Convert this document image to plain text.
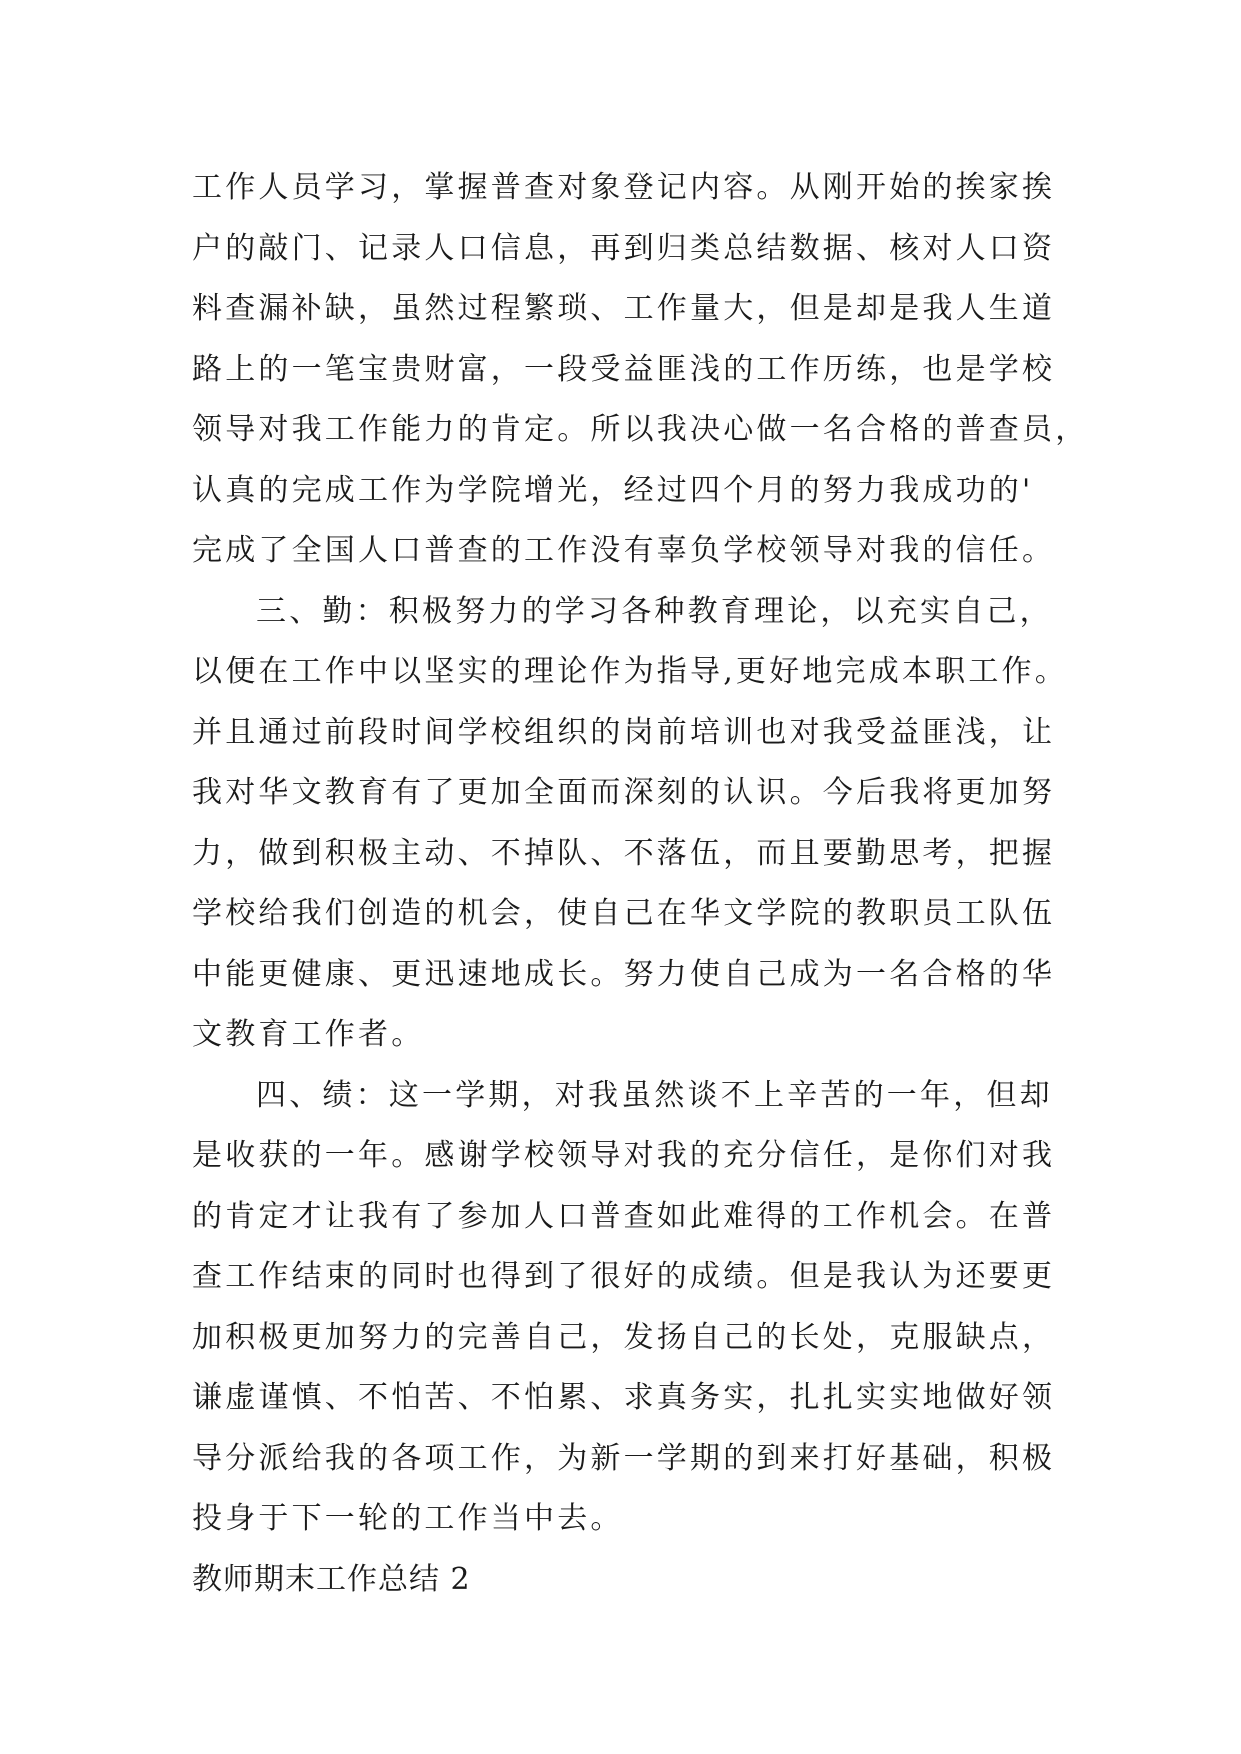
工作人员学习，掌握普查对象登记内容。从刚开始的挨家挨
户的敲门、记录人口信息，再到归类总结数据、核对人口资
料查漏补缺，虽然过程繁琐、工作量大，但是却是我人生道
路上的一笔宝贵财富，一段受益匪浅的工作历练，也是学校
领导对我工作能力的肯定。所以我决心做一名合格的普查员，
认真的完成工作为学院增光，经过四个月的努力我成功的'
完成了全国人口普查的工作没有辜负学校领导对我的信任。
三、勤：积极努力的学习各种教育理论，以充实自己，
以便在工作中以坚实的理论作为指导,更好地完成本职工作。
并且通过前段时间学校组织的岗前培训也对我受益匪浅，让
我对华文教育有了更加全面而深刻的认识。今后我将更加努
力，做到积极主动、不掉队、不落伍，而且要勤思考，把握
学校给我们创造的机会，使自己在华文学院的教职员工队伍
中能更健康、更迅速地成长。努力使自己成为一名合格的华
文教育工作者。
四、绩：这一学期，对我虽然谈不上辛苦的一年，但却
是收获的一年。感谢学校领导对我的充分信任，是你们对我
的肯定才让我有了参加人口普查如此难得的工作机会。在普
查工作结束的同时也得到了很好的成绩。但是我认为还要更
加积极更加努力的完善自己，发扬自己的长处，克服缺点，
谦虚谨慎、不怕苦、不怕累、求真务实，扎扎实实地做好领
导分派给我的各项工作，为新一学期的到来打好基础，积极
投身于下一轮的工作当中去。
教师期末工作总结 2
